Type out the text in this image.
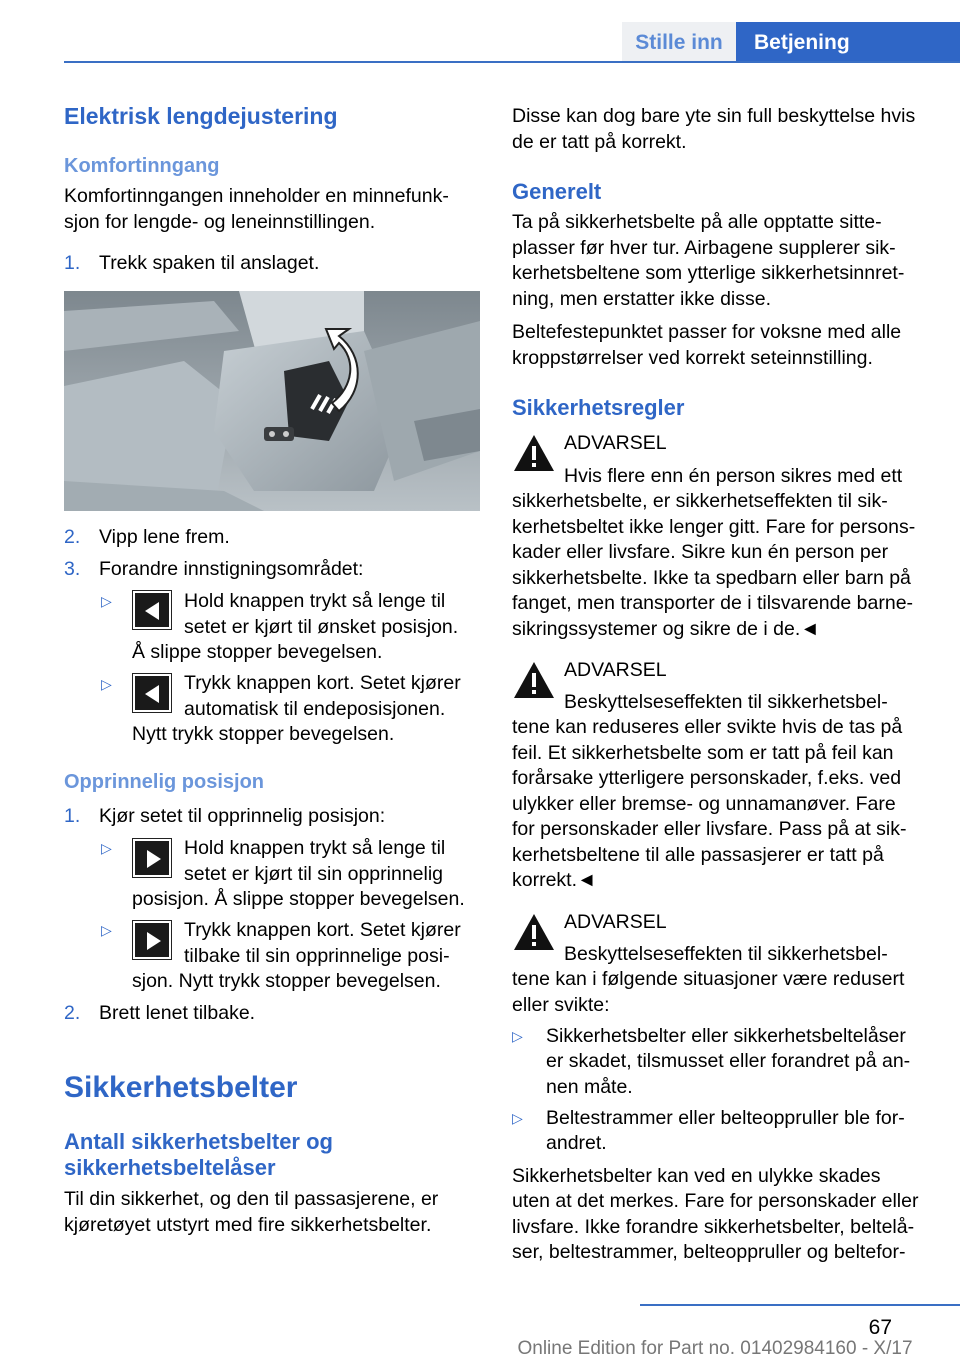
Stille inn	Betjening
Elektrisk lengdejustering
Komfortinngang
Komfortinngangen inneholder en minnefunk-
sjon for lengde- og leneinnstillingen.
1. Trekk spaken til anslaget.
2. Vipp lene frem.
3. Forandre innstigningsområdet:
▷	Hold knappen trykt så lenge til
setet er kjørt til ønsket posisjon.
Å slippe stopper bevegelsen.
▷	Trykk knappen kort. Setet kjører
automatisk til endeposisjonen.
Nytt trykk stopper bevegelsen.
Opprinnelig posisjon
1. Kjør setet til opprinnelig posisjon:
▷	Hold knappen trykt så lenge til
setet er kjørt til sin opprinnelig
posisjon. Å slippe stopper bevegelsen.
▷	Trykk knappen kort. Setet kjører
tilbake til sin opprinnelige posi-
sjon. Nytt trykk stopper bevegelsen.
2. Brett lenet tilbake.
Sikkerhetsbelter
Antall sikkerhetsbelter og
sikkerhetsbeltelåser
Til din sikkerhet, og den til passasjerene, er
kjøretøyet utstyrt med fire sikkerhetsbelter.
Disse kan dog bare yte sin full beskyttelse hvis
de er tatt på korrekt.
Generelt
Ta på sikkerhetsbelte på alle opptatte sitte-
plasser før hver tur. Airbagene supplerer sik-
kerhetsbeltene som ytterlige sikkerhetsinnret-
ning, men erstatter ikke disse.
Beltefestepunktet passer for voksne med alle
kroppstørrelser ved korrekt seteinnstilling.
Sikkerhetsregler
ADVARSEL
Hvis flere enn én person sikres med ett
sikkerhetsbelte, er sikkerhetseffekten til sik-
kerhetsbeltet ikke lenger gitt. Fare for persons-
kader eller livsfare. Sikre kun én person per
sikkerhetsbelte. Ikke ta spedbarn eller barn på
fanget, men transporter de i tilsvarende barne-
sikringssystemer og sikre de i de.◄
ADVARSEL
Beskyttelseseffekten til sikkerhetsbel-
tene kan reduseres eller svikte hvis de tas på
feil. Et sikkerhetsbelte som er tatt på feil kan
forårsake ytterligere personskader, f.eks. ved
ulykker eller bremse- og unnamanøver. Fare
for personskader eller livsfare. Pass på at sik-
kerhetsbeltene til alle passasjerer er tatt på
korrekt.◄
ADVARSEL
Beskyttelseseffekten til sikkerhetsbel-
tene kan i følgende situasjoner være redusert
eller svikte:
▷ Sikkerhetsbelter eller sikkerhetsbeltelåser
er skadet, tilsmusset eller forandret på an-
nen måte.
▷ Beltestrammer eller belteoppruller ble for-
andret.
Sikkerhetsbelter kan ved en ulykke skades
uten at det merkes. Fare for personskader eller
livsfare. Ikke forandre sikkerhetsbelter, beltelå-
ser, beltestrammer, belteoppruller og beltefor-
67
Online Edition for Part no. 01402984160 - X/17
